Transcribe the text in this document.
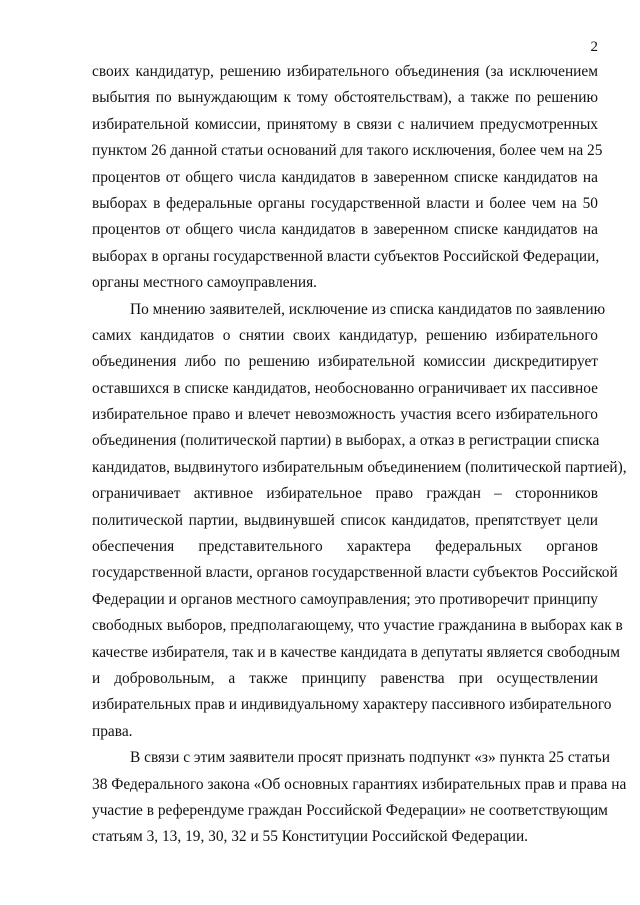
2
своих кандидатур, решению избирательного объединения (за исключением
выбытия по вынуждающим к тому обстоятельствам), а также по решению
избирательной комиссии, принятому в связи с наличием предусмотренных
пунктом 26 данной статьи оснований для такого исключения, более чем на 25
процентов от общего числа кандидатов в заверенном списке кандидатов на
выборах в федеральные органы государственной власти и более чем на 50
процентов от общего числа кандидатов в заверенном списке кандидатов на
выборах в органы государственной власти субъектов Российской Федерации,
органы местного самоуправления.
По мнению заявителей, исключение из списка кандидатов по заявлению
самих кандидатов о снятии своих кандидатур, решению избирательного
объединения либо по решению избирательной комиссии дискредитирует
оставшихся в списке кандидатов, необоснованно ограничивает их пассивное
избирательное право и влечет невозможность участия всего избирательного
объединения (политической партии) в выборах, а отказ в регистрации списка
кандидатов, выдвинутого избирательным объединением (политической партией),
ограничивает активное избирательное право граждан – сторонников
политической партии, выдвинувшей список кандидатов, препятствует цели
обеспечения представительного характера федеральных органов
государственной власти, органов государственной власти субъектов Российской
Федерации и органов местного самоуправления; это противоречит принципу
свободных выборов, предполагающему, что участие гражданина в выборах как в
качестве избирателя, так и в качестве кандидата в депутаты является свободным
и добровольным, а также принципу равенства при осуществлении
избирательных прав и индивидуальному характеру пассивного избирательного
права.
В связи с этим заявители просят признать подпункт «з» пункта 25 статьи
38 Федерального закона «Об основных гарантиях избирательных прав и права на
участие в референдуме граждан Российской Федерации» не соответствующим
статьям 3, 13, 19, 30, 32 и 55 Конституции Российской Федерации.
